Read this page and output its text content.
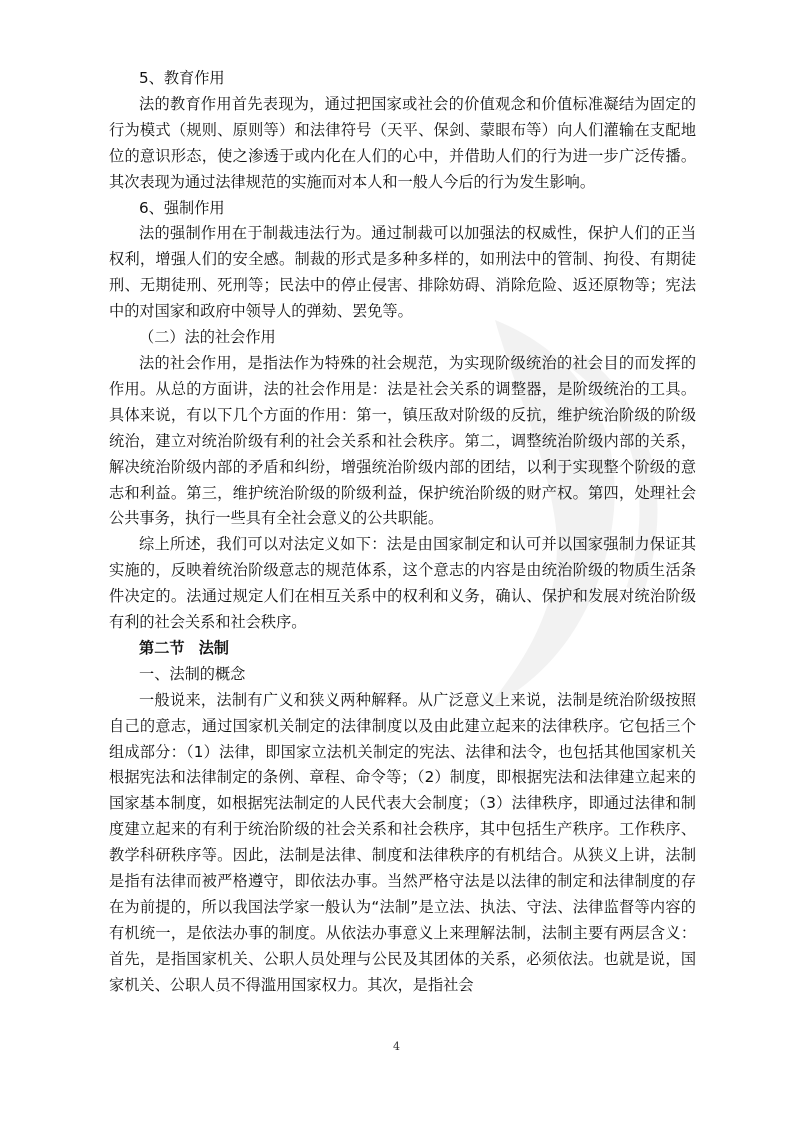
5、教育作用

法的教育作用首先表现为，通过把国家或社会的价值观念和价值标准凝结为固定的行为模式（规则、原则等）和法律符号（天平、保剑、蒙眼布等）向人们灌输在支配地位的意识形态，使之渗透于或内化在人们的心中，并借助人们的行为进一步广泛传播。其次表现为通过法律规范的实施而对本人和一般人今后的行为发生影响。

6、强制作用

法的强制作用在于制裁违法行为。通过制裁可以加强法的权威性，保护人们的正当权利，增强人们的安全感。制裁的形式是多种多样的，如刑法中的管制、拘役、有期徒刑、无期徒刑、死刑等；民法中的停止侵害、排除妨碍、消除危险、返还原物等；宪法中的对国家和政府中领导人的弹劾、罢免等。

（二）法的社会作用

法的社会作用，是指法作为特殊的社会规范，为实现阶级统治的社会目的而发挥的作用。从总的方面讲，法的社会作用是：法是社会关系的调整器，是阶级统治的工具。具体来说，有以下几个方面的作用：第一，镇压敌对阶级的反抗，维护统治阶级的阶级统治，建立对统治阶级有利的社会关系和社会秩序。第二，调整统治阶级内部的关系，解决统治阶级内部的矛盾和纠纷，增强统治阶级内部的团结，以利于实现整个阶级的意志和利益。第三，维护统治阶级的阶级利益，保护统治阶级的财产权。第四，处理社会公共事务，执行一些具有全社会意义的公共职能。

综上所述，我们可以对法定义如下：法是由国家制定和认可并以国家强制力保证其实施的，反映着统治阶级意志的规范体系，这个意志的内容是由统治阶级的物质生活条件决定的。法通过规定人们在相互关系中的权利和义务，确认、保护和发展对统治阶级有利的社会关系和社会秩序。

第二节 法制

一、法制的概念

一般说来，法制有广义和狭义两种解释。从广泛意义上来说，法制是统治阶级按照自己的意志，通过国家机关制定的法律制度以及由此建立起来的法律秩序。它包括三个组成部分：（1）法律，即国家立法机关制定的宪法、法律和法令，也包括其他国家机关根据宪法和法律制定的条例、章程、命令等；（2）制度，即根据宪法和法律建立起来的国家基本制度，如根据宪法制定的人民代表大会制度；（3）法律秩序，即通过法律和制度建立起来的有利于统治阶级的社会关系和社会秩序，其中包括生产秩序。工作秩序、教学科研秩序等。因此，法制是法律、制度和法律秩序的有机结合。从狭义上讲，法制是指有法律而被严格遵守，即依法办事。当然严格守法是以法律的制定和法律制度的存在为前提的，所以我国法学家一般认为“法制”是立法、执法、守法、法律监督等内容的有机统一，是依法办事的制度。从依法办事意义上来理解法制，法制主要有两层含义：首先，是指国家机关、公职人员处理与公民及其团体的关系，必须依法。也就是说，国家机关、公职人员不得滥用国家权力。其次，是指社会

4
